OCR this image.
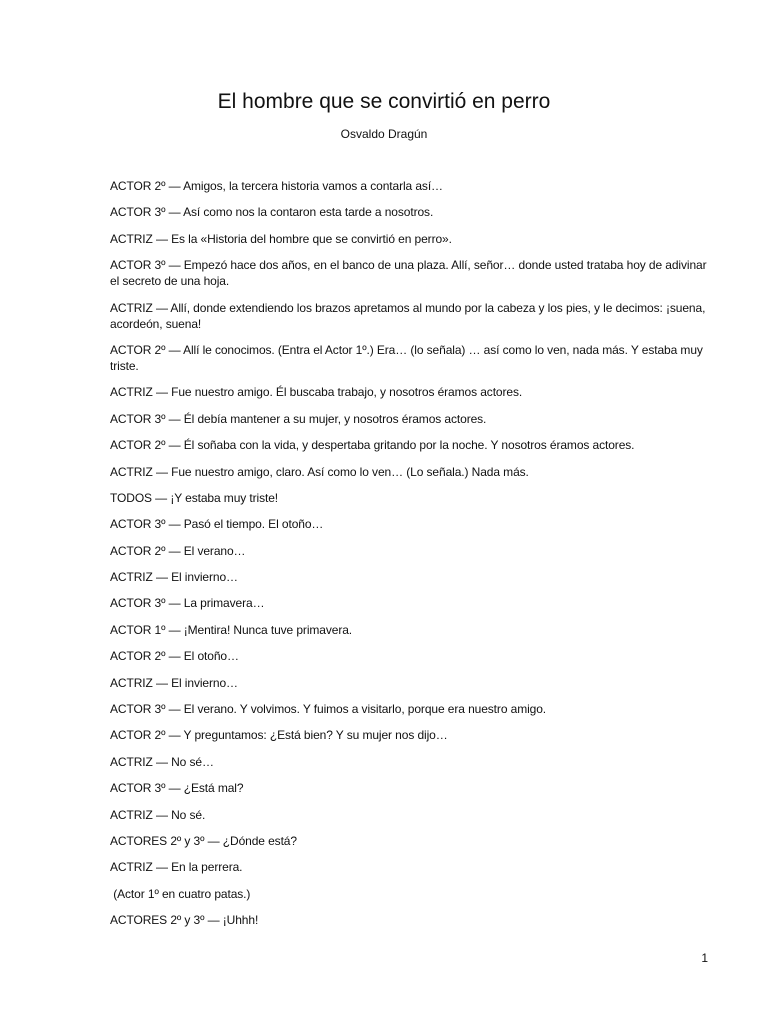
El hombre que se convirtió en perro

Osvaldo Dragún

ACTOR 2º — Amigos, la tercera historia vamos a contarla así…

ACTOR 3º — Así como nos la contaron esta tarde a nosotros.

ACTRIZ — Es la «Historia del hombre que se convirtió en perro».

ACTOR 3º — Empezó hace dos años, en el banco de una plaza. Allí, señor… donde usted trataba hoy de adivinar el secreto de una hoja.

ACTRIZ — Allí, donde extendiendo los brazos apretamos al mundo por la cabeza y los pies, y le decimos: ¡suena, acordeón, suena!

ACTOR 2º — Allí le conocimos. (Entra el Actor 1º.) Era… (lo señala) … así como lo ven, nada más. Y estaba muy triste.

ACTRIZ — Fue nuestro amigo. Él buscaba trabajo, y nosotros éramos actores.

ACTOR 3º — Él debía mantener a su mujer, y nosotros éramos actores.

ACTOR 2º — Él soñaba con la vida, y despertaba gritando por la noche. Y nosotros éramos actores.

ACTRIZ — Fue nuestro amigo, claro. Así como lo ven… (Lo señala.) Nada más.

TODOS — ¡Y estaba muy triste!

ACTOR 3º — Pasó el tiempo. El otoño…

ACTOR 2º — El verano…

ACTRIZ — El invierno…

ACTOR 3º — La primavera…

ACTOR 1º — ¡Mentira! Nunca tuve primavera.

ACTOR 2º — El otoño…

ACTRIZ — El invierno…

ACTOR 3º — El verano. Y volvimos. Y fuimos a visitarlo, porque era nuestro amigo.

ACTOR 2º — Y preguntamos: ¿Está bien? Y su mujer nos dijo…

ACTRIZ — No sé…

ACTOR 3º — ¿Está mal?

ACTRIZ — No sé.

ACTORES 2º y 3º — ¿Dónde está?

ACTRIZ — En la perrera.

(Actor 1º en cuatro patas.)

ACTORES 2º y 3º — ¡Uhhh!

1
